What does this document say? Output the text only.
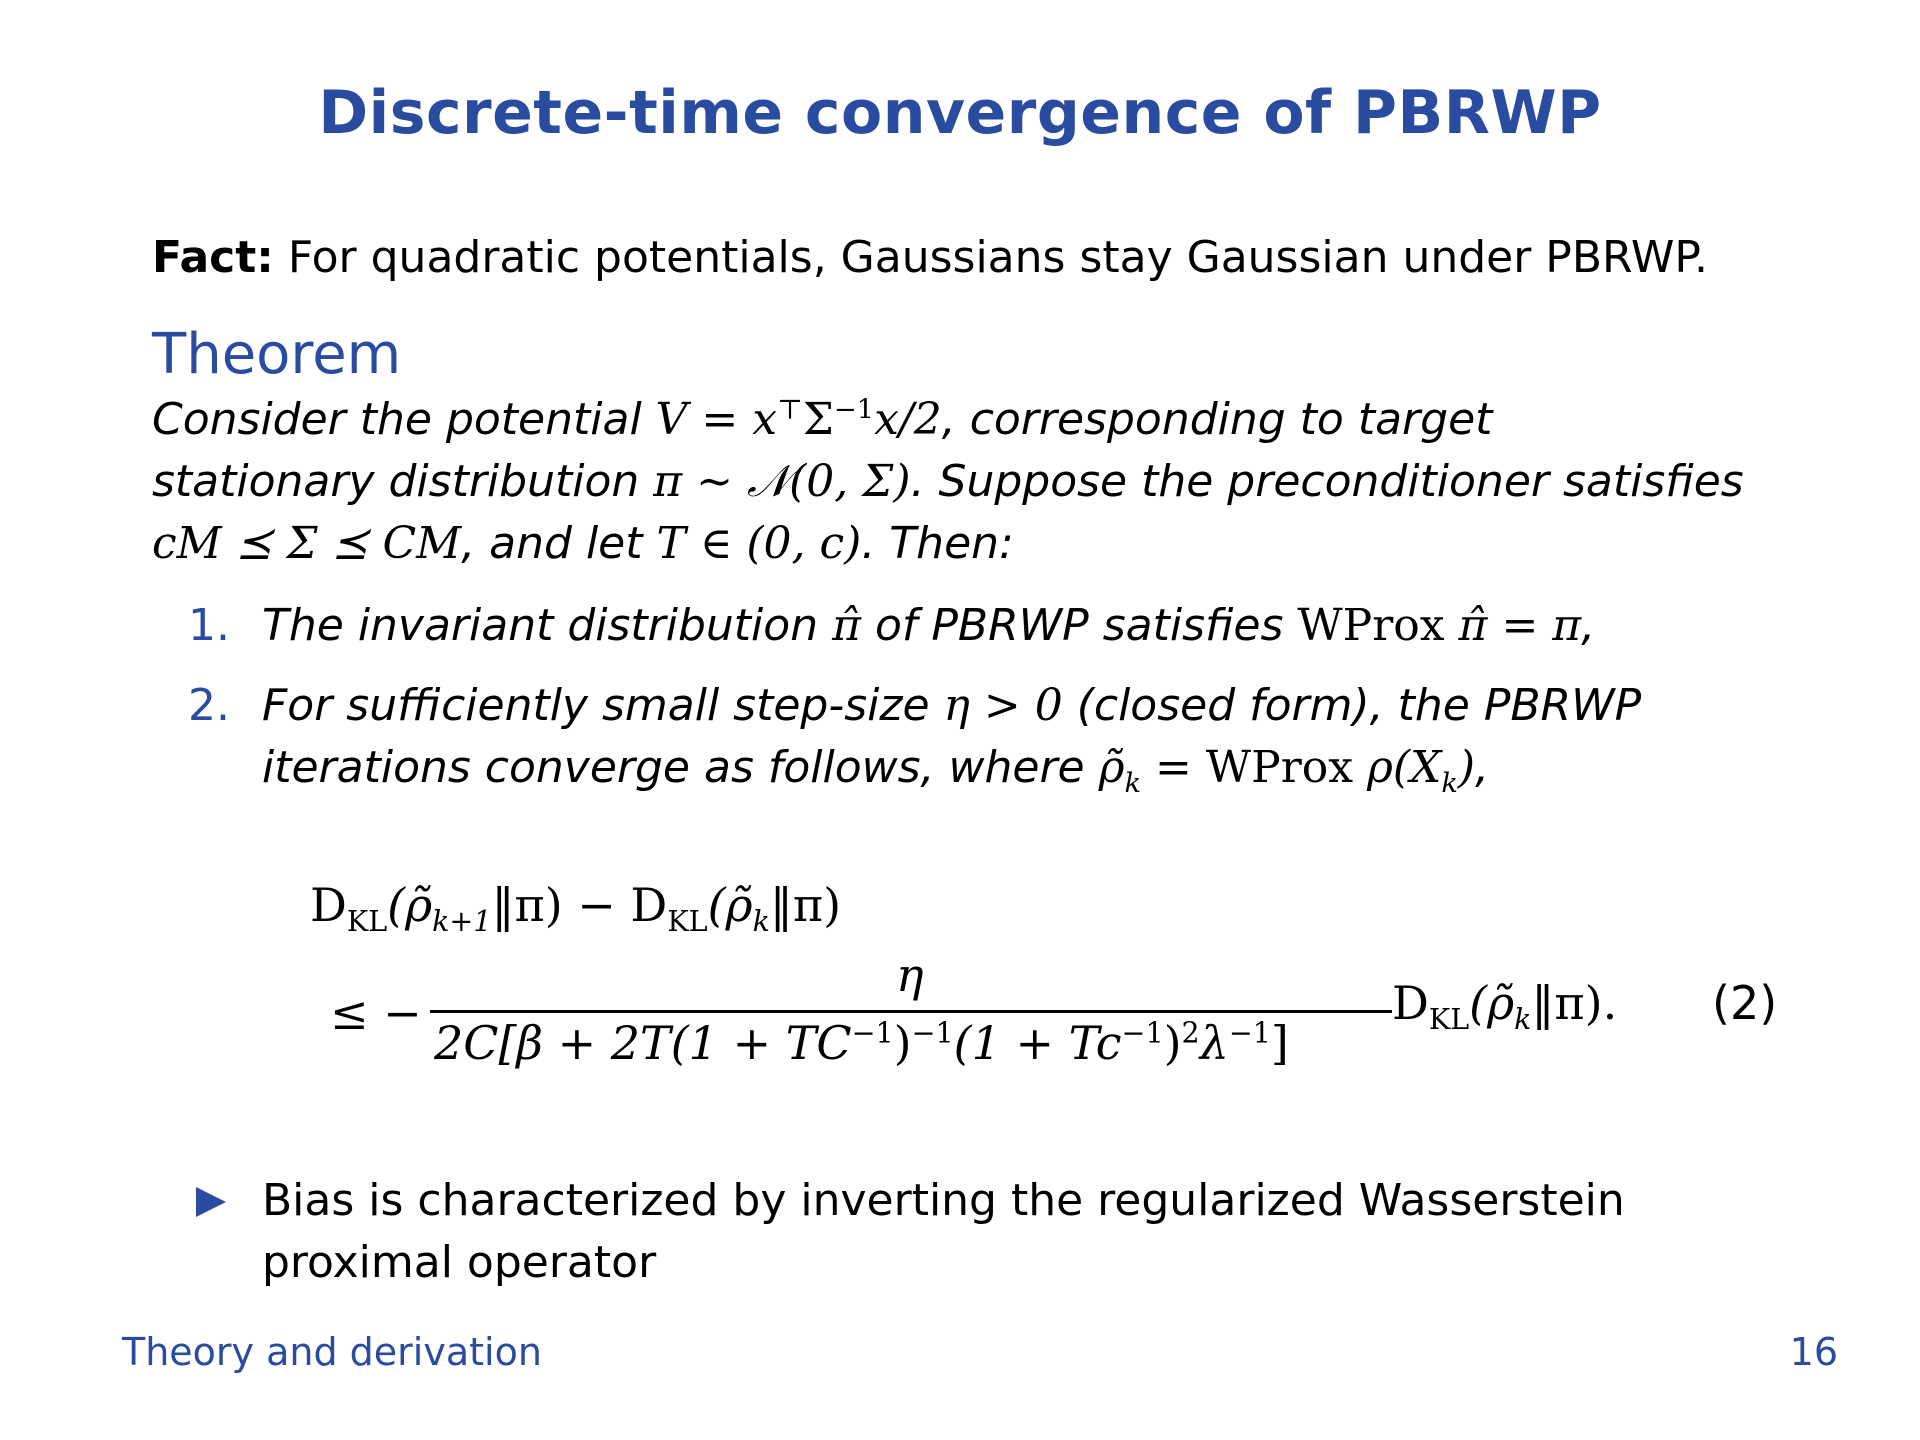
Discrete-time convergence of PBRWP
Fact: For quadratic potentials, Gaussians stay Gaussian under PBRWP.
Theorem
Consider the potential $V = x^⊤\Sigma^{-1}x/2$, corresponding to target
stationary distribution π ∼ 𝒩(0, Σ). Suppose the preconditioner satisfies
cM ⪯ Σ ⪯ CM, and let T ∈ (0, c). Then:
1. The invariant distribution π̂ of PBRWP satisfies WProx π̂ = π,
2. For sufficiently small step-size η > 0 (closed form), the PBRWP
iterations converge as follows, where $\rhõ_k$ = WProx $\rho(X_k)$,
$D_{KL}(\rhõ_{k+1}‖\pi)$ − $D_{KL}(\rhõ_k‖\pi)$
≤ −
η
$2C[\beta + 2T(1 + TC^{-1})^{-1}(1 + Tc^{-1})^2\lambda^{-1}]$
$D_{KL}(\rhõ_k‖\pi)$. (2)
Bias is characterized by inverting the regularized Wasserstein
proximal operator
Theory and derivation	16
